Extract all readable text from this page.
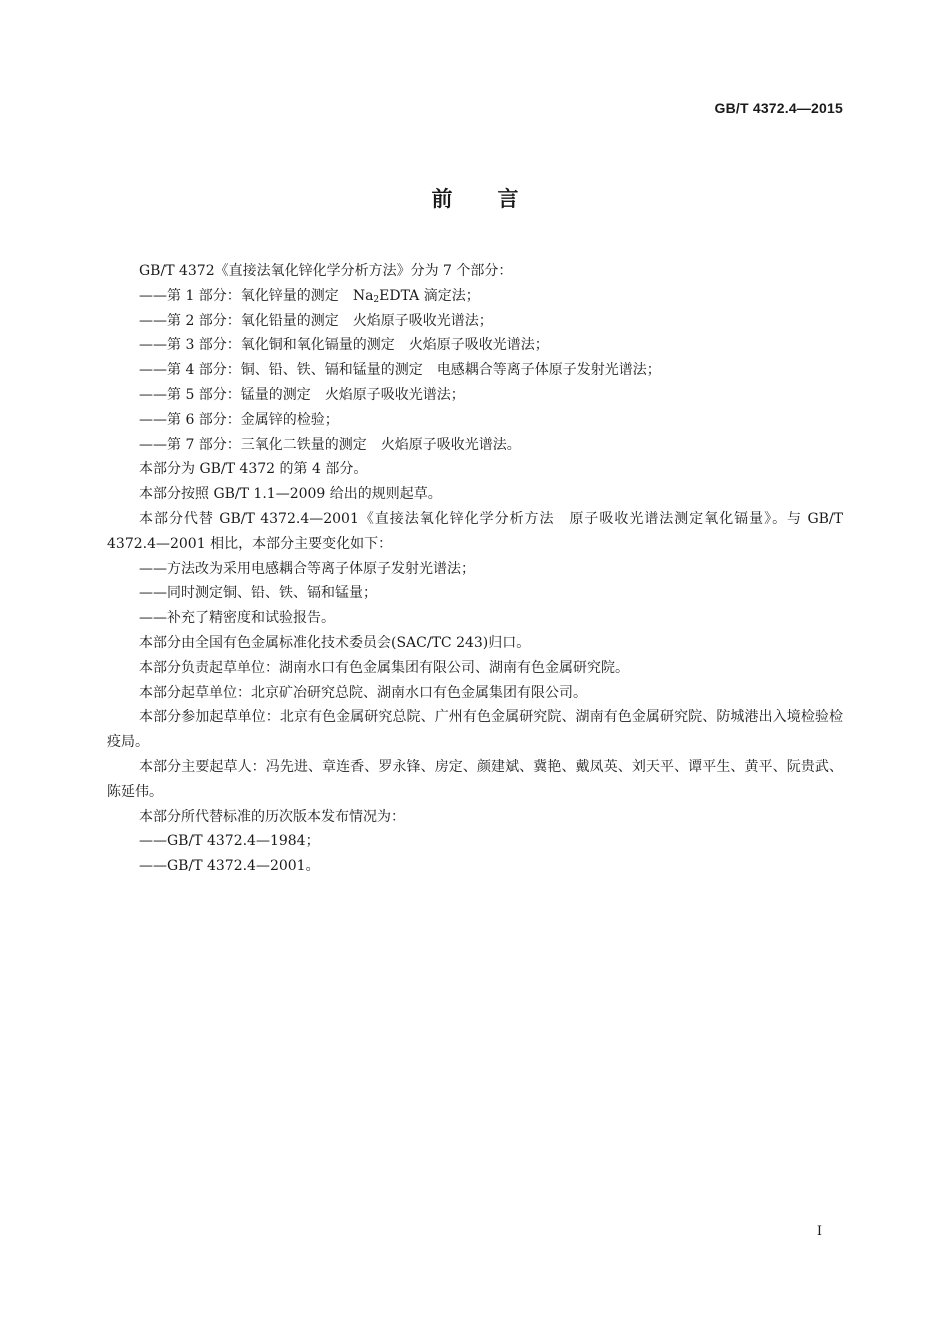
GB/T 4372.4—2015
前言

GB/T 4372《直接法氧化锌化学分析方法》分为 7 个部分：

——第 1 部分：氧化锌量的测定 $Na_2EDTA$ 滴定法；

——第 2 部分：氧化铅量的测定 火焰原子吸收光谱法；

——第 3 部分：氧化铜和氧化镉量的测定 火焰原子吸收光谱法；

——第 4 部分：铜、铅、铁、镉和锰量的测定 电感耦合等离子体原子发射光谱法；

——第 5 部分：锰量的测定 火焰原子吸收光谱法；

——第 6 部分：金属锌的检验；

——第 7 部分：三氧化二铁量的测定 火焰原子吸收光谱法。

本部分为 GB/T 4372 的第 4 部分。

本部分按照 GB/T 1.1—2009 给出的规则起草。

本部分代替 GB/T 4372.4—2001《直接法氧化锌化学分析方法　原子吸收光谱法测定氧化镉量》。与 GB/T 4372.4—2001 相比，本部分主要变化如下：

——方法改为采用电感耦合等离子体原子发射光谱法；

——同时测定铜、铅、铁、镉和锰量；

——补充了精密度和试验报告。

本部分由全国有色金属标准化技术委员会(SAC/TC 243)归口。

本部分负责起草单位：湖南水口有色金属集团有限公司、湖南有色金属研究院。

本部分起草单位：北京矿冶研究总院、湖南水口有色金属集团有限公司。

本部分参加起草单位：北京有色金属研究总院、广州有色金属研究院、湖南有色金属研究院、防城港出入境检验检疫局。

本部分主要起草人：冯先进、章连香、罗永锋、房定、颜建斌、冀艳、戴凤英、刘天平、谭平生、黄平、阮贵武、陈延伟。

本部分所代替标准的历次版本发布情况为：

——GB/T 4372.4—1984；

——GB/T 4372.4—2001。

I
